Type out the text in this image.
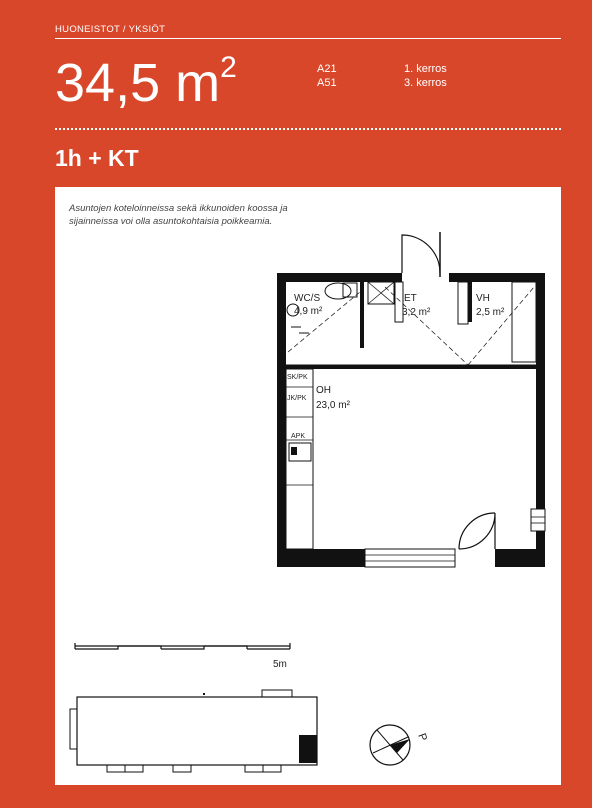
HUONEISTOT / YKSIÖT
34,5 $m^2$	A21
A51
1. kerros
3. kerros
1h + KT
Asuntojen koteloinneissa sekä ikkunoiden koossa ja sijainneissa voi olla asuntokohtaisia poikkeamia.
WC/S
4,9 m²
ET
3,2 m²
VH
2,5 m²
OH
23,0 m²
SK/PK
JK/PK
APK
5m
P
